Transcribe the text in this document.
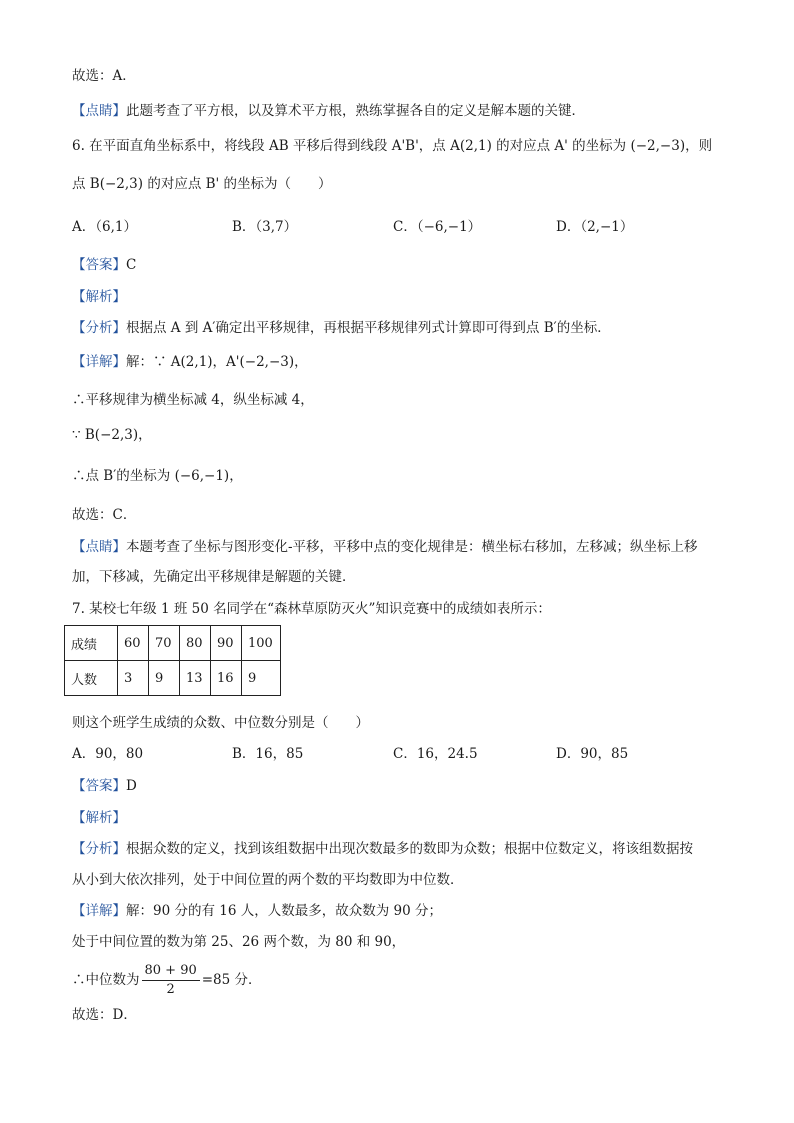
故选：A．
【点睛】此题考查了平方根，以及算术平方根，熟练掌握各自的定义是解本题的关键．
6. 在平面直角坐标系中，将线段 AB 平移后得到线段 A'B'，点 A(2,1) 的对应点 A' 的坐标为 (−2,−3)，则
点 B(−2,3) 的对应点 B' 的坐标为（　　）
A．（6,1）	B．（3,7）	C．（−6,−1）	D．（2,−1）
【答案】C
【解析】
【分析】根据点 A 到 A′确定出平移规律，再根据平移规律列式计算即可得到点 B′的坐标．
【详解】解：∵ A(2,1)，A'(−2,−3)，
∴平移规律为横坐标减 4，纵坐标减 4，
∵ B(−2,3)，
∴点 B′的坐标为 (−6,−1)，
故选：C．
【点睛】本题考查了坐标与图形变化-平移，平移中点的变化规律是：横坐标右移加，左移减；纵坐标上移
加，下移减，先确定出平移规律是解题的关键．
7. 某校七年级 1 班 50 名同学在“森林草原防灭火”知识竞赛中的成绩如表所示：
成绩	60	70	80	90	100
人数	3	9	13	16	9
则这个班学生成绩的众数、中位数分别是（　　）
A．90，80	B．16，85	C．16，24.5	D．90，85
【答案】D
【解析】
【分析】根据众数的定义，找到该组数据中出现次数最多的数即为众数；根据中位数定义，将该组数据按
从小到大依次排列，处于中间位置的两个数的平均数即为中位数．
【详解】解：90 分的有 16 人，人数最多，故众数为 90 分；
处于中间位置的数为第 25、26 两个数，为 80 和 90，
∴中位数为 $\frac{80 + 90}{2} =85$ 分．
故选：D．
